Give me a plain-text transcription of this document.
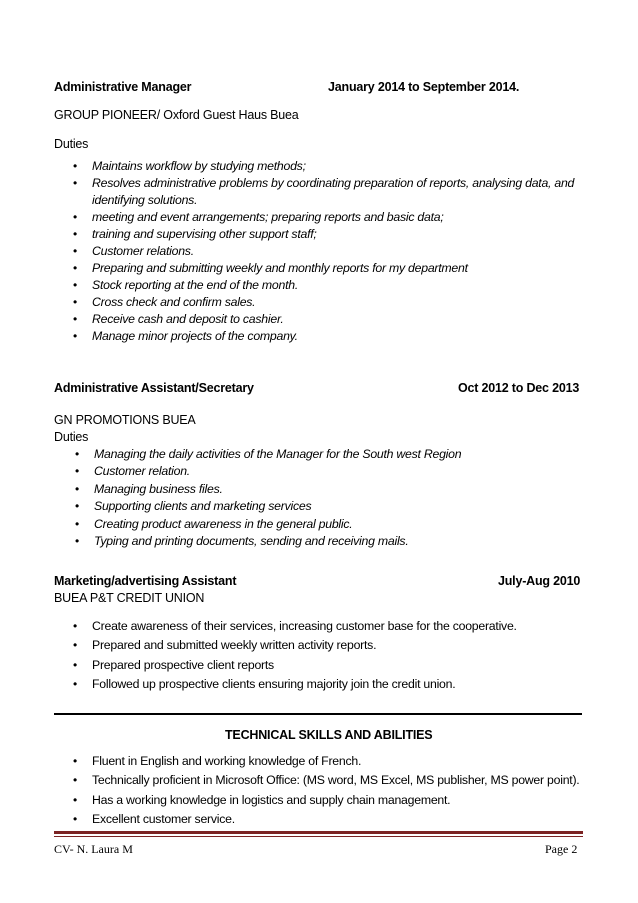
Administrative Manager	January 2014 to September 2014.
GROUP PIONEER/ Oxford Guest Haus Buea
Duties
• Maintains workflow by studying methods;
• Resolves administrative problems by coordinating preparation of reports, analysing data, and
identifying solutions.
• meeting and event arrangements; preparing reports and basic data;
• training and supervising other support staff;
• Customer relations.
• Preparing and submitting weekly and monthly reports for my department
• Stock reporting at the end of the month.
• Cross check and confirm sales.
• Receive cash and deposit to cashier.
• Manage minor projects of the company.
Administrative Assistant/Secretary	Oct 2012 to Dec 2013
GN PROMOTIONS BUEA
Duties
• Managing the daily activities of the Manager for the South west Region
• Customer relation.
• Managing business files.
• Supporting clients and marketing services
• Creating product awareness in the general public.
• Typing and printing documents, sending and receiving mails.
Marketing/advertising Assistant	July-Aug 2010
BUEA P&T CREDIT UNION
• Create awareness of their services, increasing customer base for the cooperative.
• Prepared and submitted weekly written activity reports.
• Prepared prospective client reports
• Followed up prospective clients ensuring majority join the credit union.
TECHNICAL SKILLS AND ABILITIES
• Fluent in English and working knowledge of French.
• Technically proficient in Microsoft Office: (MS word, MS Excel, MS publisher, MS power point).
• Has a working knowledge in logistics and supply chain management.
• Excellent customer service.
CV- N. Laura M	Page 2
